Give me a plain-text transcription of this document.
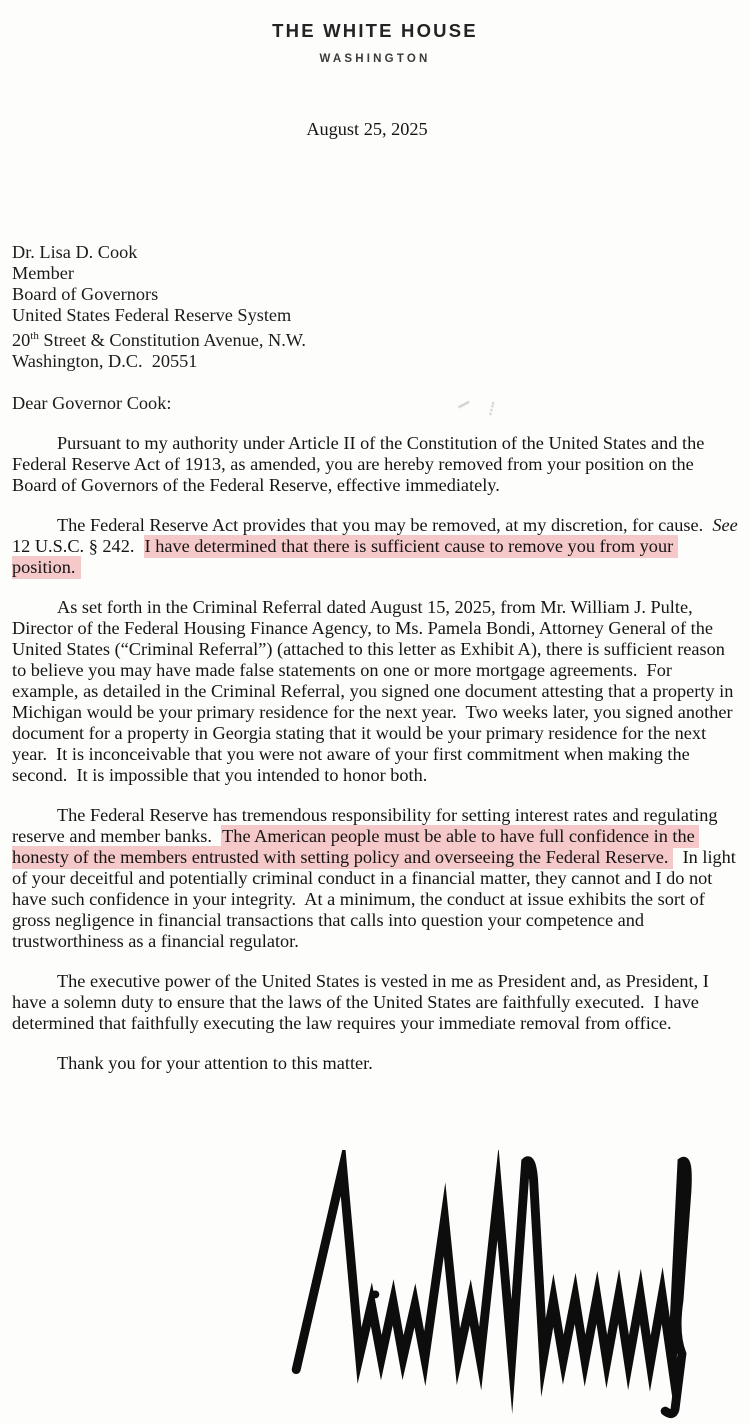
THE WHITE HOUSE
WASHINGTON
August 25, 2025
Dr. Lisa D. Cook
Member
Board of Governors
United States Federal Reserve System
20th Street & Constitution Avenue, N.W.
Washington, D.C.  20551
Dear Governor Cook:

Pursuant to my authority under Article II of the Constitution of the United States and the Federal Reserve Act of 1913, as amended, you are hereby removed from your position on the Board of Governors of the Federal Reserve, effective immediately.

The Federal Reserve Act provides that you may be removed, at my discretion, for cause.  See 12 U.S.C. § 242.  I have determined that there is sufficient cause to remove you from your position.

As set forth in the Criminal Referral dated August 15, 2025, from Mr. William J. Pulte, Director of the Federal Housing Finance Agency, to Ms. Pamela Bondi, Attorney General of the United States (“Criminal Referral”) (attached to this letter as Exhibit A), there is sufficient reason to believe you may have made false statements on one or more mortgage agreements.  For example, as detailed in the Criminal Referral, you signed one document attesting that a property in Michigan would be your primary residence for the next year.  Two weeks later, you signed another document for a property in Georgia stating that it would be your primary residence for the next year.  It is inconceivable that you were not aware of your first commitment when making the second.  It is impossible that you intended to honor both.

The Federal Reserve has tremendous responsibility for setting interest rates and regulating reserve and member banks.  The American people must be able to have full confidence in the honesty of the members entrusted with setting policy and overseeing the Federal Reserve.  In light of your deceitful and potentially criminal conduct in a financial matter, they cannot and I do not have such confidence in your integrity.  At a minimum, the conduct at issue exhibits the sort of gross negligence in financial transactions that calls into question your competence and trustworthiness as a financial regulator.

The executive power of the United States is vested in me as President and, as President, I have a solemn duty to ensure that the laws of the United States are faithfully executed.  I have determined that faithfully executing the law requires your immediate removal from office.

Thank you for your attention to this matter.
